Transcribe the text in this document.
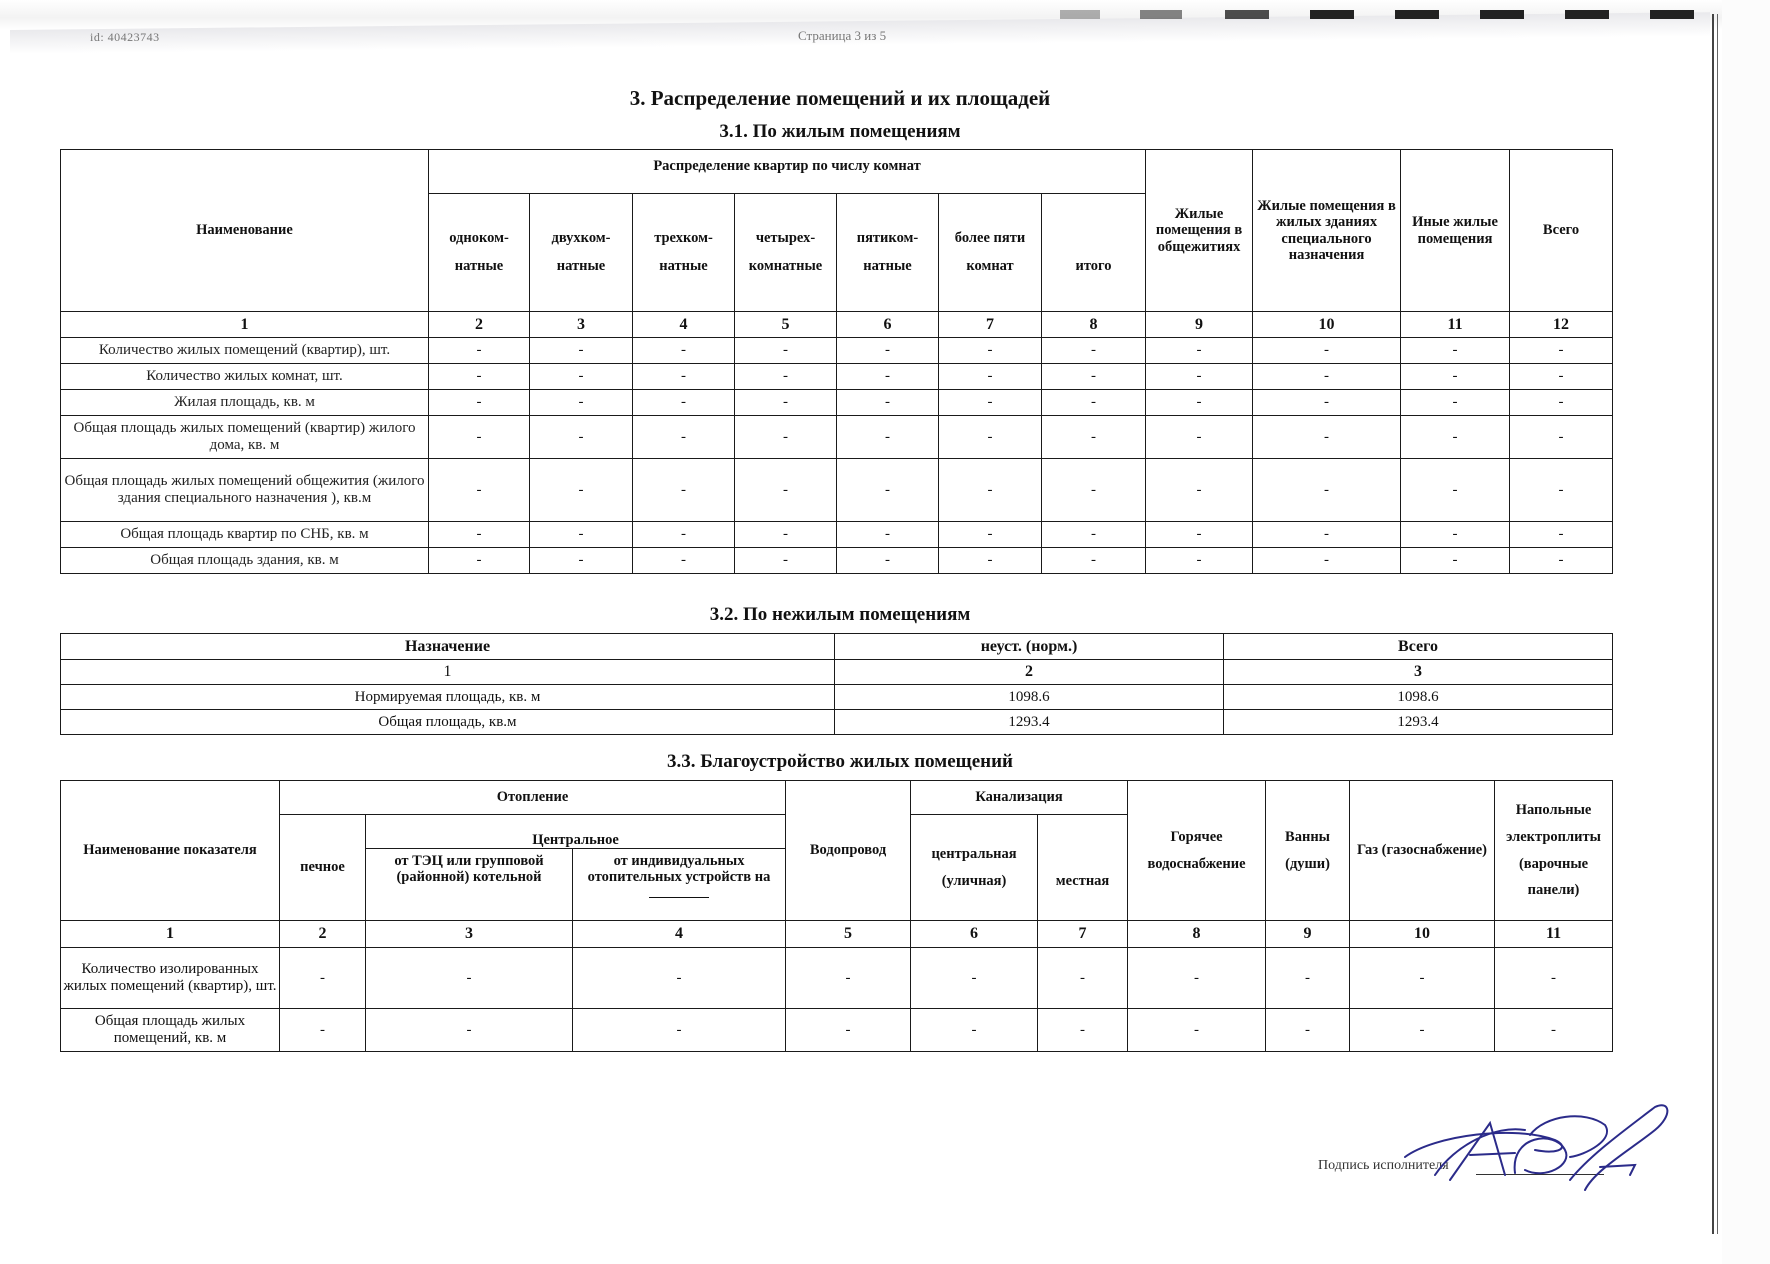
id: 40423743	Страница 3 из 5
3. Распределение помещений и их площадей
3.1. По жилым помещениям
Наименование	Распределение квартир по числу комнат							Жилые помещения в общежитиях	Жилые помещения в жилых зданиях специального назначения	Иные жилые помещения	Всего
	одноком- натные	двухком- натные	трехком- натные	четырех- комнатные	пятиком- натные	более пяти комнат	итого				
1	2	3	4	5	6	7	8	9	10	11	12
Количество жилых помещений (квартир), шт.	-	-	-	-	-	-	-	-	-	-	-
Количество жилых комнат, шт.	-	-	-	-	-	-	-	-	-	-	-
Жилая площадь, кв. м	-	-	-	-	-	-	-	-	-	-	-
Общая площадь жилых помещений (квартир) жилого дома, кв. м	-	-	-	-	-	-	-	-	-	-	-
Общая площадь жилых помещений общежития (жилого здания специального назначения ), кв.м	-	-	-	-	-	-	-	-	-	-	-
Общая площадь квартир по СНБ, кв. м	-	-	-	-	-	-	-	-	-	-	-
Общая площадь здания, кв. м	-	-	-	-	-	-	-	-	-	-	-
3.2. По нежилым помещениям
Назначение	неуст. (норм.)	Всего
1	2	3
Нормируемая площадь, кв. м	1098.6	1098.6
Общая площадь, кв.м	1293.4	1293.4
3.3. Благоустройство жилых помещений
Наименование показателя	Отопление			Водопровод	Канализация		Горячее водоснабжение	Ванны (души)	Газ (газоснабжение)	Напольные электроплиты (варочные панели)
	печное	Центральное			центральная (уличная)	местная				
		от ТЭЦ или групповой (районной) котельной	от индивидуальных отопительных устройств на							
1	2	3	4	5	6	7	8	9	10	11
Количество изолированных жилых помещений (квартир), шт.	-	-	-	-	-	-	-	-	-	-
Общая площадь жилых помещений, кв. м	-	-	-	-	-	-	-	-	-	-
Подпись исполнителя
